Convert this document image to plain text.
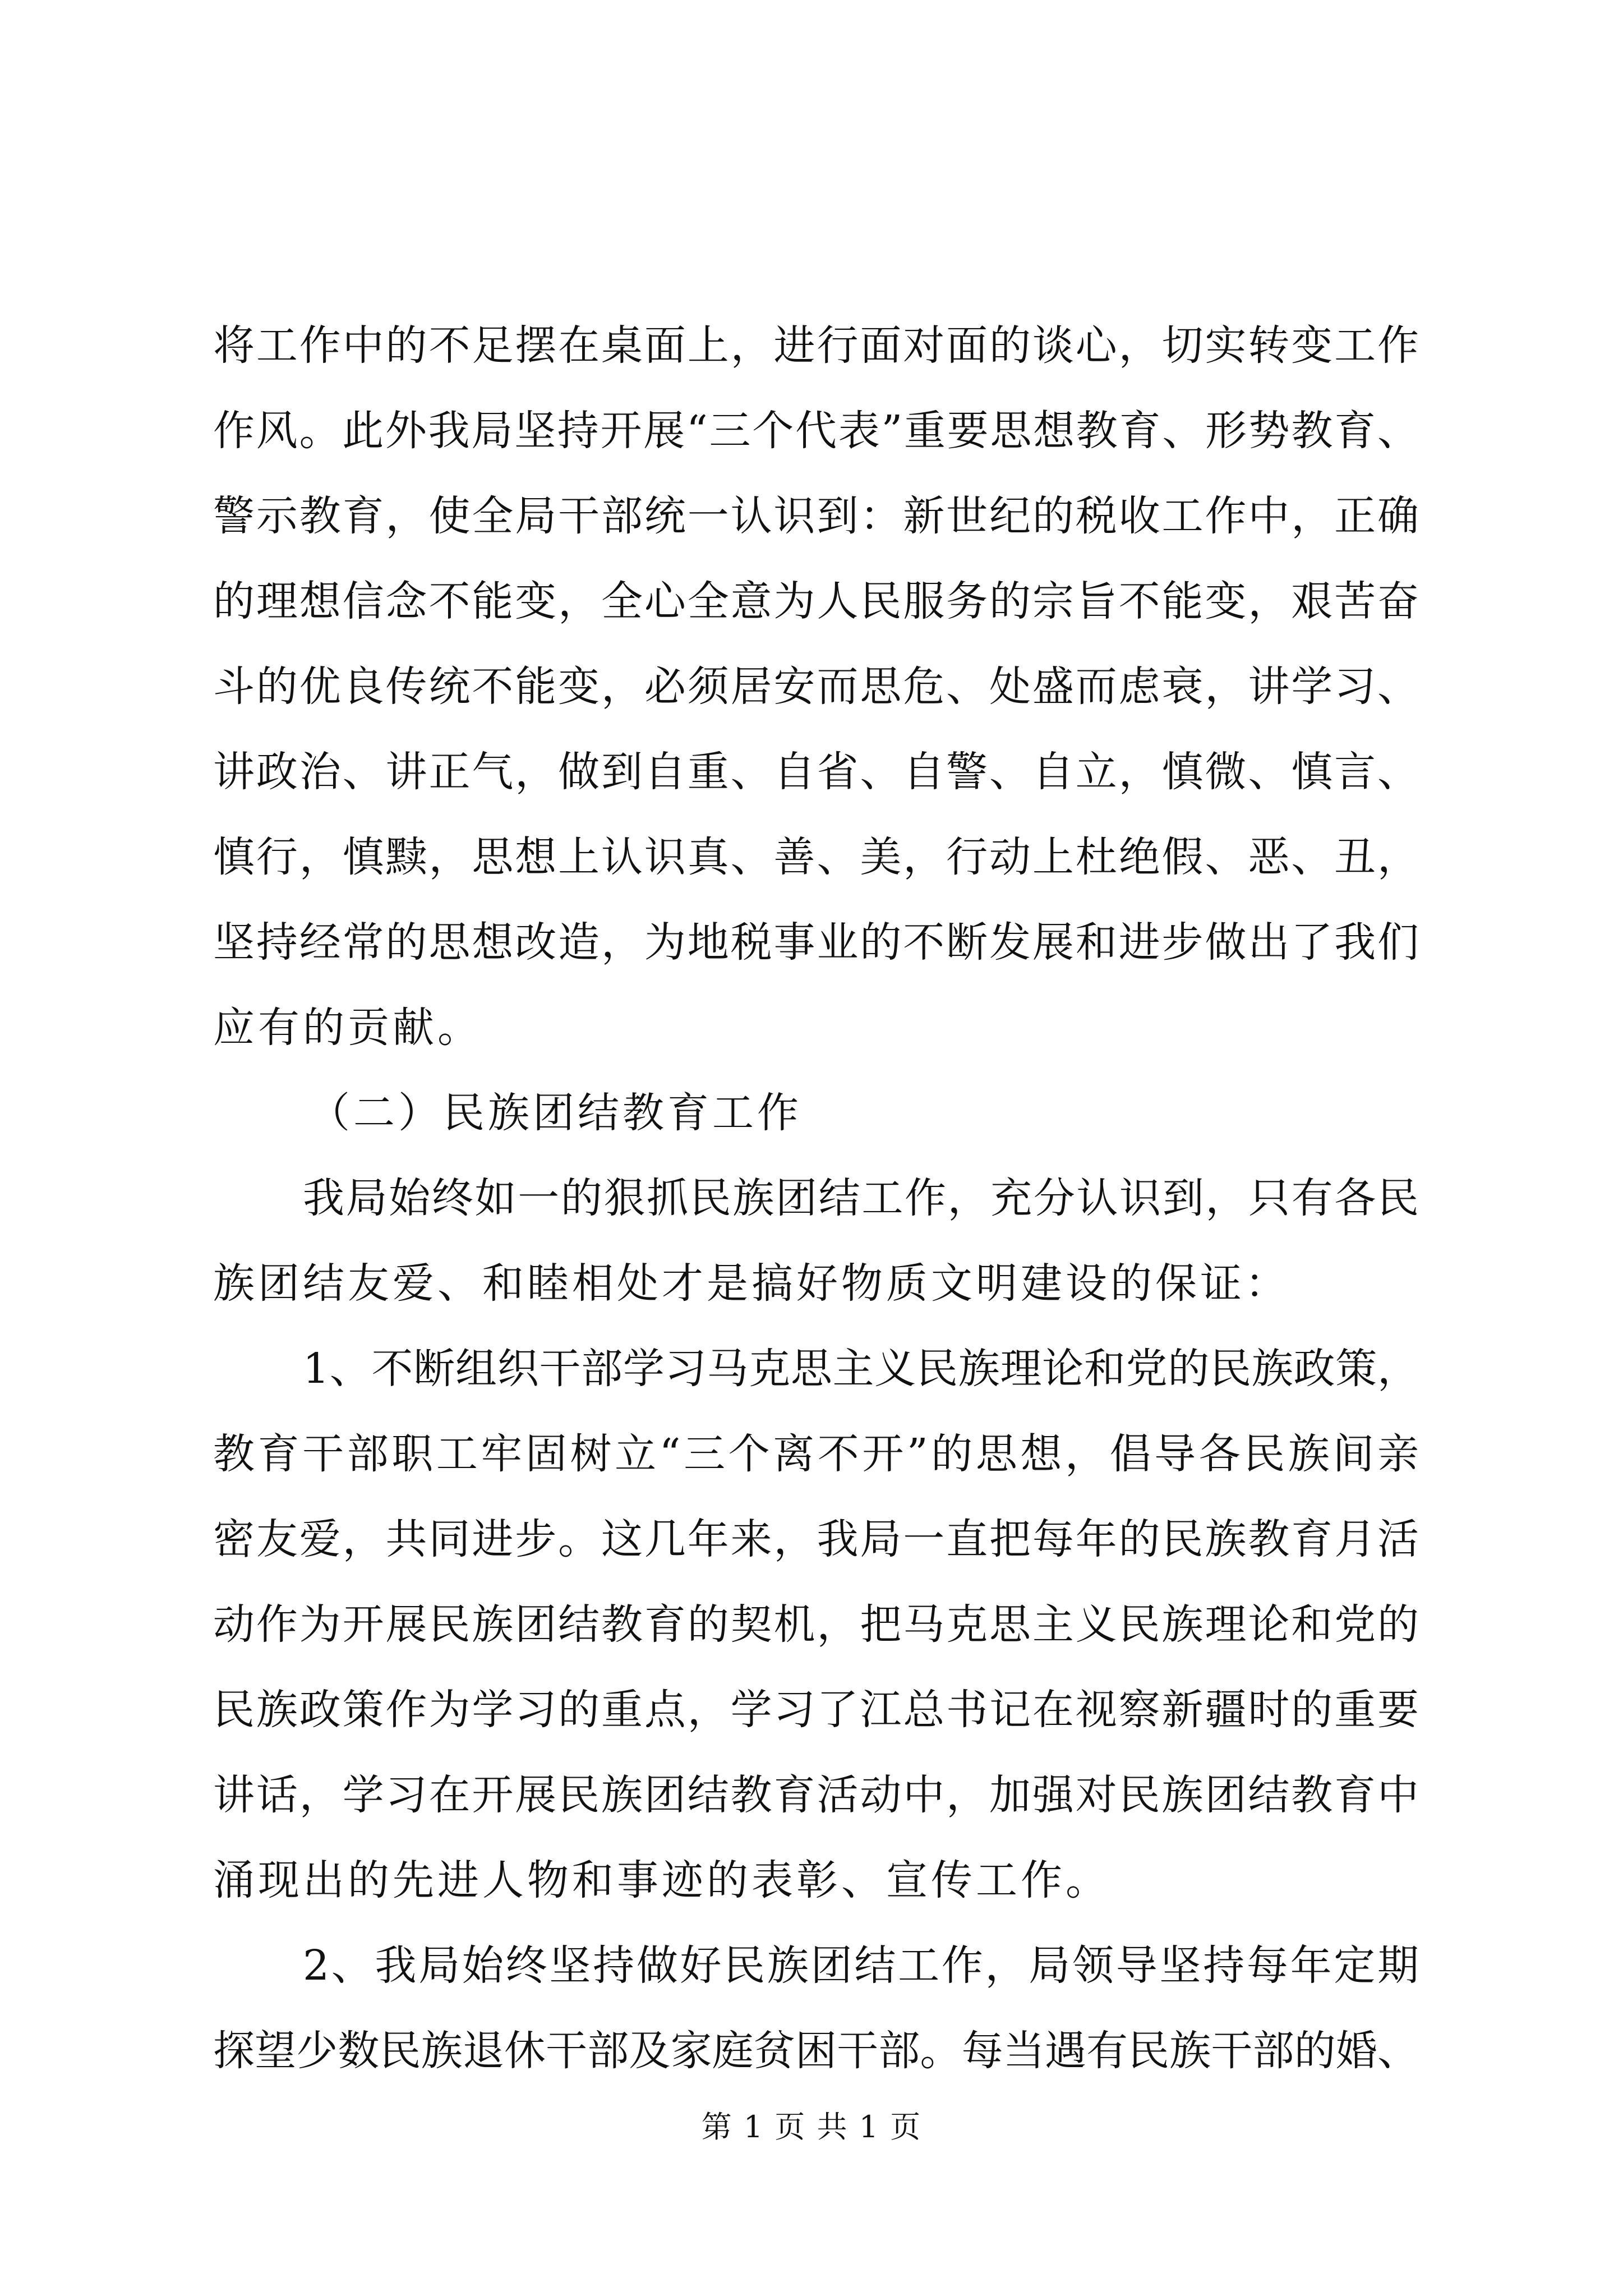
将工作中的不足摆在桌面上，进行面对面的谈心，切实转变工作
作风。此外我局坚持开展“三个代表”重要思想教育、形势教育、
警示教育，使全局干部统一认识到：新世纪的税收工作中，正确
的理想信念不能变，全心全意为人民服务的宗旨不能变，艰苦奋
斗的优良传统不能变，必须居安而思危、处盛而虑衰，讲学习、
讲政治、讲正气，做到自重、自省、自警、自立，慎微、慎言、
慎行，慎黩，思想上认识真、善、美，行动上杜绝假、恶、丑，
坚持经常的思想改造，为地税事业的不断发展和进步做出了我们
应有的贡献。
（二）民族团结教育工作
我局始终如一的狠抓民族团结工作，充分认识到，只有各民
族团结友爱、和睦相处才是搞好物质文明建设的保证：
1、不断组织干部学习马克思主义民族理论和党的民族政策，
教育干部职工牢固树立“三个离不开”的思想，倡导各民族间亲
密友爱，共同进步。这几年来，我局一直把每年的民族教育月活
动作为开展民族团结教育的契机，把马克思主义民族理论和党的
民族政策作为学习的重点，学习了江总书记在视察新疆时的重要
讲话，学习在开展民族团结教育活动中，加强对民族团结教育中
涌现出的先进人物和事迹的表彰、宣传工作。
2、我局始终坚持做好民族团结工作，局领导坚持每年定期
探望少数民族退休干部及家庭贫困干部。每当遇有民族干部的婚、
第 1 页 共 1 页
